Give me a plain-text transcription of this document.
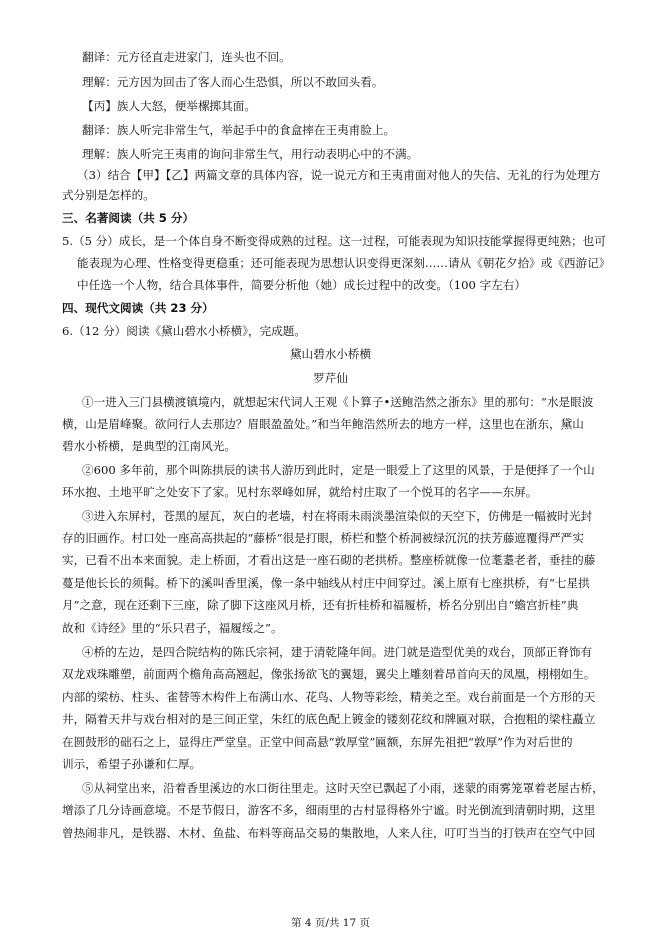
翻译：元方径直走进家门，连头也不回。
理解：元方因为回击了客人而心生恐惧，所以不敢回头看。
【丙】族人大怒，便举樏掷其面。
翻译：族人听完非常生气，举起手中的食盒摔在王夷甫脸上。
理解：族人听完王夷甫的询问非常生气，用行动表明心中的不满。
（3）结合【甲】【乙】两篇文章的具体内容，说一说元方和王夷甫面对他人的失信、无礼的行为处理方
式分别是怎样的。
三、名著阅读（共 5 分）
5.（5 分）成长，是一个体自身不断变得成熟的过程。这一过程，可能表现为知识技能掌握得更纯熟；也可
能表现为心理、性格变得更稳重；还可能表现为思想认识变得更深刻……请从《朝花夕拾》或《西游记》
中任选一个人物，结合具体事件，简要分析他（她）成长过程中的改变。（100 字左右）
四、现代文阅读（共 23 分）
6.（12 分）阅读《黛山碧水小桥横》，完成题。
黛山碧水小桥横
罗芹仙
①一进入三门县横渡镇境内，就想起宋代词人王观《卜算子•送鲍浩然之浙东》里的那句：“水是眼波
横，山是眉峰聚。欲问行人去那边？眉眼盈盈处。”和当年鲍浩然所去的地方一样，这里也在浙东，黛山
碧水小桥横，是典型的江南风光。
②600 多年前，那个叫陈拱辰的读书人游历到此时，定是一眼爱上了这里的风景，于是便择了一个山
环水抱、土地平旷之处安下了家。见村东翠峰如屏，就给村庄取了一个悦耳的名字——东屏。
③进入东屏村，苍黑的屋瓦，灰白的老墙，村在将雨未雨淡墨渲染似的天空下，仿佛是一幅被时光封
存的旧画作。村口处一座高高拱起的“藤桥”很是打眼，桥栏和整个桥洞被绿沉沉的扶芳藤遮覆得严严实
实，已看不出本来面貌。走上桥面，才看出这是一座石砌的老拱桥。整座桥就像一位耄耋老者，垂挂的藤
蔓是他长长的须髯。桥下的溪叫香里溪，像一条中轴线从村庄中间穿过。溪上原有七座拱桥，有“七星拱
月”之意，现在还剩下三座，除了脚下这座风月桥，还有折桂桥和福履桥，桥名分别出自“蟾宫折桂”典
故和《诗经》里的“乐只君子，福履绥之”。
④桥的左边，是四合院结构的陈氏宗祠，建于清乾隆年间。进门就是造型优美的戏台，顶部正脊饰有
双龙戏珠雕塑，前面两个檐角高高翘起，像张扬欲飞的翼翅，翼尖上雕刻着昂首向天的凤凰，栩栩如生。
内部的梁枋、柱头、雀替等木构件上布满山水、花鸟、人物等彩绘，精美之至。戏台前面是一个方形的天
井，隔着天井与戏台相对的是三间正堂，朱红的底色配上镀金的镂刻花纹和牌匾对联，合抱粗的梁柱矗立
在圆鼓形的础石之上，显得庄严堂皇。正堂中间高悬“敦厚堂”匾额，东屏先祖把“敦厚”作为对后世的
训示，希望子孙谦和仁厚。
⑤从祠堂出来，沿着香里溪边的水口街往里走。这时天空已飘起了小雨，迷蒙的雨雾笼罩着老屋古桥，
增添了几分诗画意境。不是节假日，游客不多，细雨里的古村显得格外宁谧。时光倒流到清朝时期，这里
曾热闹非凡，是铁器、木材、鱼盐、布料等商品交易的集散地，人来人往，叮叮当当的打铁声在空气中回
第 4 页/共 17 页
